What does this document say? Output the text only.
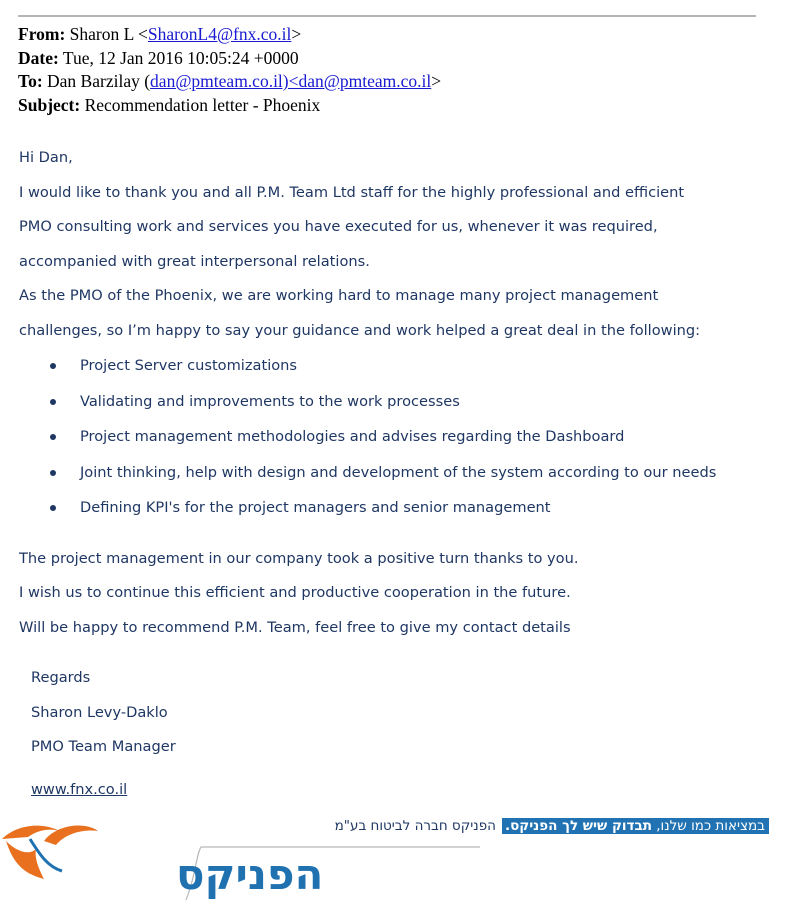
From: Sharon L <SharonL4@fnx.co.il>
Date: Tue, 12 Jan 2016 10:05:24 +0000
To: Dan Barzilay (dan@pmteam.co.il)<dan@pmteam.co.il>
Subject: Recommendation letter - Phoenix
Hi Dan,
I would like to thank you and all P.M. Team Ltd staff for the highly professional and efficient
PMO consulting work and services you have executed for us, whenever it was required,
accompanied with great interpersonal relations.
As the PMO of the Phoenix, we are working hard to manage many project management
challenges, so I’m happy to say your guidance and work helped a great deal in the following:
Project Server customizations
Validating and improvements to the work processes
Project management methodologies and advises regarding the Dashboard
Joint thinking, help with design and development of the system according to our needs
Defining KPI's for the project managers and senior management
The project management in our company took a positive turn thanks to you.
I wish us to continue this efficient and productive cooperation in the future.
Will be happy to recommend P.M. Team, feel free to give my contact details
Regards
Sharon Levy-Daklo
PMO Team Manager
www.fnx.co.il
הפניקס
במציאות כמו שלנו, תבדוק שיש לך הפניקס.הפניקס חברה לביטוח בע"מ
